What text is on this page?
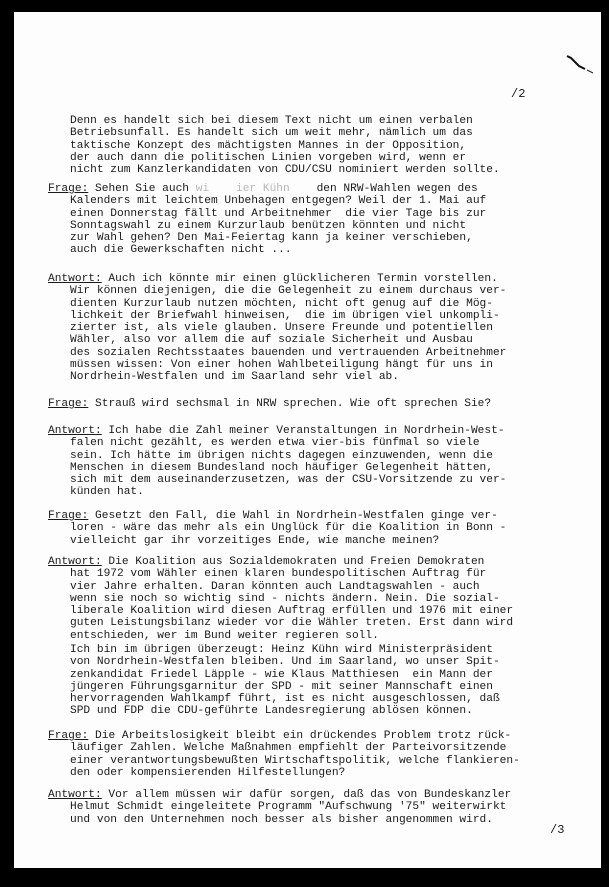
/2
Denn es handelt sich bei diesem Text nicht um einen verbalen
Betriebsunfall. Es handelt sich um weit mehr, nämlich um das
taktische Konzept des mächtigsten Mannes in der Opposition,
der auch dann die politischen Linien vorgeben wird, wenn er
nicht zum Kanzlerkandidaten von CDU/CSU nominiert werden sollte.
Frage: Sehen Sie auch wi    ier Kühn    den NRW-Wahlen wegen des
Kalenders mit leichtem Unbehagen entgegen? Weil der 1. Mai auf
einen Donnerstag fällt und Arbeitnehmer  die vier Tage bis zur
Sonntagswahl zu einem Kurzurlaub benützen könnten und nicht
zur Wahl gehen? Den Mai-Feiertag kann ja keiner verschieben,
auch die Gewerkschaften nicht ...
Antwort: Auch ich könnte mir einen glücklicheren Termin vorstellen.
Wir können diejenigen, die die Gelegenheit zu einem durchaus ver-
dienten Kurzurlaub nutzen möchten, nicht oft genug auf die Mög-
lichkeit der Briefwahl hinweisen,  die im übrigen viel unkompli-
zierter ist, als viele glauben. Unsere Freunde und potentiellen
Wähler, also vor allem die auf soziale Sicherheit und Ausbau
des sozialen Rechtsstaates bauenden und vertrauenden Arbeitnehmer
müssen wissen: Von einer hohen Wahlbeteiligung hängt für uns in
Nordrhein-Westfalen und im Saarland sehr viel ab.
Frage: Strauß wird sechsmal in NRW sprechen. Wie oft sprechen Sie?
Antwort: Ich habe die Zahl meiner Veranstaltungen in Nordrhein-West-
falen nicht gezählt, es werden etwa vier-bis fünfmal so viele
sein. Ich hätte im übrigen nichts dagegen einzuwenden, wenn die
Menschen in diesem Bundesland noch häufiger Gelegenheit hätten,
sich mit dem auseinanderzusetzen, was der CSU-Vorsitzende zu ver-
künden hat.
Frage: Gesetzt den Fall, die Wahl in Nordrhein-Westfalen ginge ver-
loren - wäre das mehr als ein Unglück für die Koalition in Bonn -
vielleicht gar ihr vorzeitiges Ende, wie manche meinen?
Antwort: Die Koalition aus Sozialdemokraten und Freien Demokraten
hat 1972 vom Wähler einen klaren bundespolitischen Auftrag für
vier Jahre erhalten. Daran könnten auch Landtagswahlen - auch
wenn sie noch so wichtig sind - nichts ändern. Nein. Die sozial-
liberale Koalition wird diesen Auftrag erfüllen und 1976 mit einer
guten Leistungsbilanz wieder vor die Wähler treten. Erst dann wird
entschieden, wer im Bund weiter regieren soll.
Ich bin im übrigen überzeugt: Heinz Kühn wird Ministerpräsident
von Nordrhein-Westfalen bleiben. Und im Saarland, wo unser Spit-
zenkandidat Friedel Läpple - wie Klaus Matthiesen  ein Mann der
jüngeren Führungsgarnitur der SPD - mit seiner Mannschaft einen
hervorragenden Wahlkampf führt, ist es nicht ausgeschlossen, daß
SPD und FDP die CDU-geführte Landesregierung ablösen können.
Frage: Die Arbeitslosigkeit bleibt ein drückendes Problem trotz rück-
läufiger Zahlen. Welche Maßnahmen empfiehlt der Parteivorsitzende
einer verantwortungsbewußten Wirtschaftspolitik, welche flankieren-
den oder kompensierenden Hilfestellungen?
Antwort: Vor allem müssen wir dafür sorgen, daß das von Bundeskanzler
Helmut Schmidt eingeleitete Programm "Aufschwung '75" weiterwirkt
und von den Unternehmen noch besser als bisher angenommen wird.
/3
